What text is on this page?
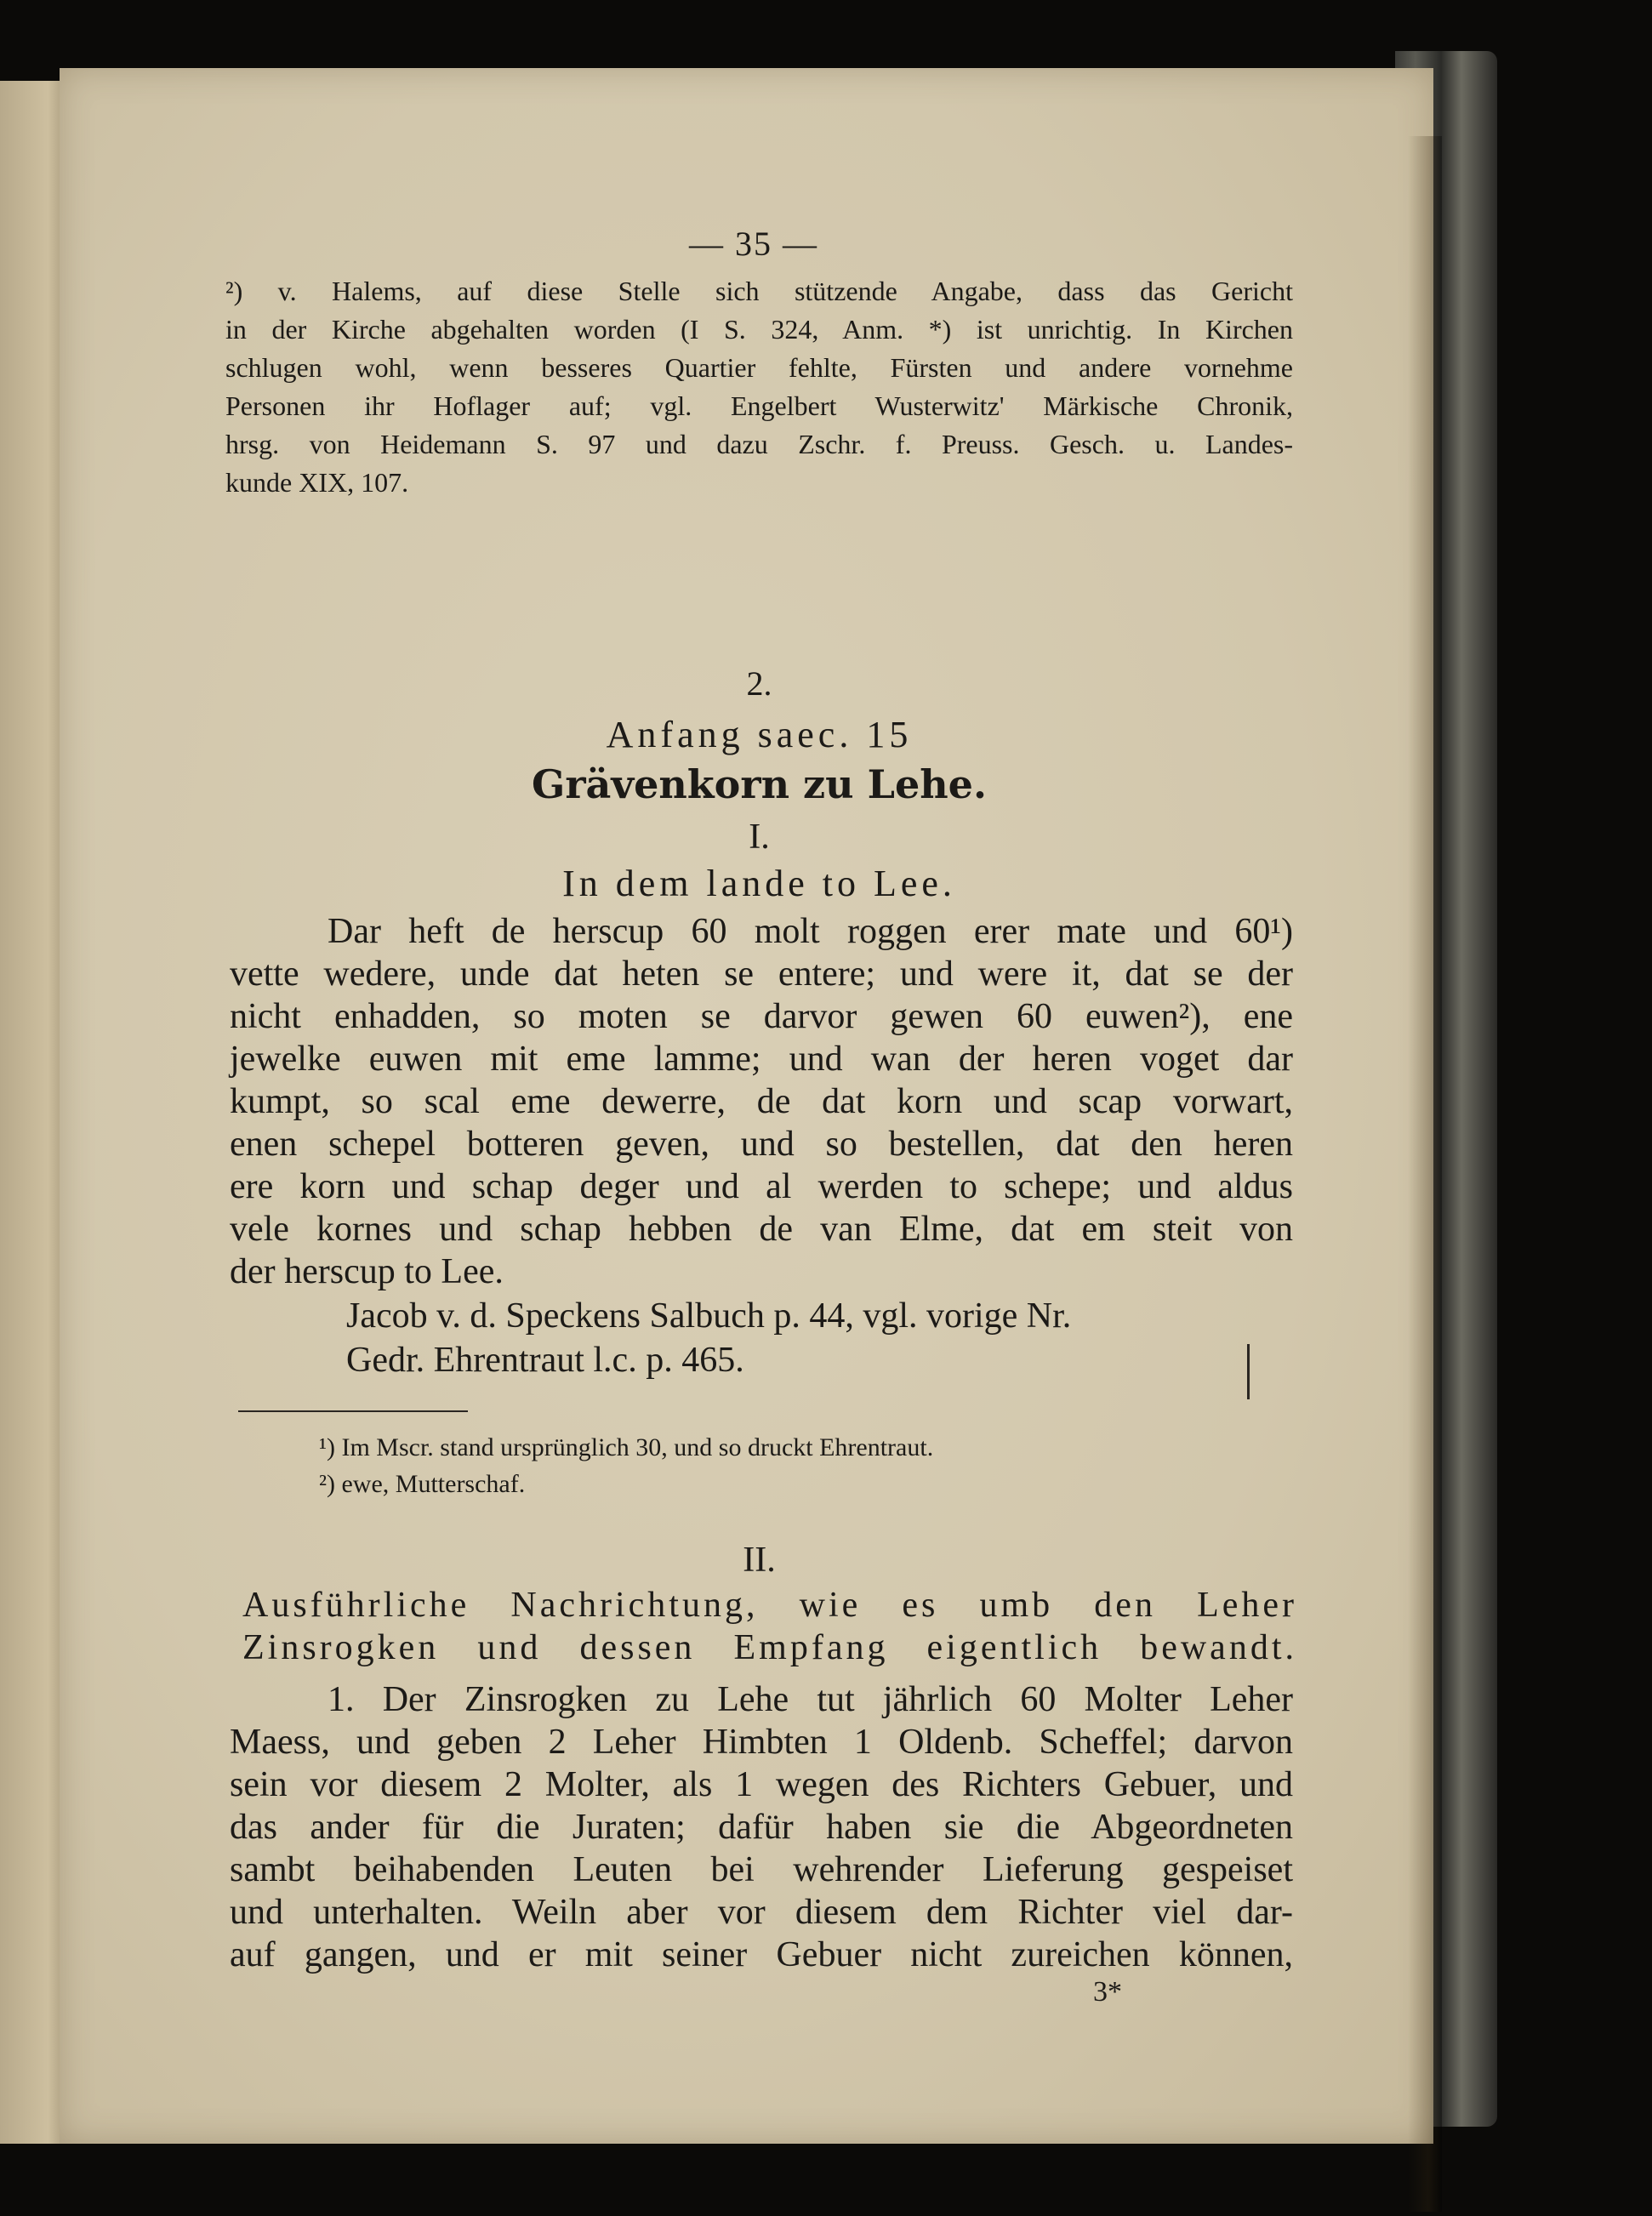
— 35 —
²) v. Halems, auf diese Stelle sich stützende Angabe, dass das Gericht
in der Kirche abgehalten worden (I S. 324, Anm. *) ist unrichtig. In Kirchen
schlugen wohl, wenn besseres Quartier fehlte, Fürsten und andere vornehme
Personen ihr Hoflager auf; vgl. Engelbert Wusterwitz' Märkische Chronik,
hrsg. von Heidemann S. 97 und dazu Zschr. f. Preuss. Gesch. u. Landes-
kunde XIX, 107.
2.
Anfang saec. 15
Grävenkorn zu Lehe.
I.
In dem lande to Lee.
Dar heft de herscup 60 molt roggen erer mate und 60¹)
vette wedere, unde dat heten se entere; und were it, dat se der
nicht enhadden, so moten se darvor gewen 60 euwen²), ene
jewelke euwen mit eme lamme; und wan der heren voget dar
kumpt, so scal eme dewerre, de dat korn und scap vorwart,
enen schepel botteren geven, und so bestellen, dat den heren
ere korn und schap deger und al werden to schepe; und aldus
vele kornes und schap hebben de van Elme, dat em steit von
der herscup to Lee.
Jacob v. d. Speckens Salbuch p. 44, vgl. vorige Nr.
Gedr. Ehrentraut l.c. p. 465.
¹) Im Mscr. stand ursprünglich 30, und so druckt Ehrentraut.
²) ewe, Mutterschaf.
II.
Ausführliche Nachrichtung, wie es umb den Leher
Zinsrogken und dessen Empfang eigentlich bewandt.
1. Der Zinsrogken zu Lehe tut jährlich 60 Molter Leher
Maess, und geben 2 Leher Himbten 1 Oldenb. Scheffel; darvon
sein vor diesem 2 Molter, als 1 wegen des Richters Gebuer, und
das ander für die Juraten; dafür haben sie die Abgeordneten
sambt beihabenden Leuten bei wehrender Lieferung gespeiset
und unterhalten. Weiln aber vor diesem dem Richter viel dar-
auf gangen, und er mit seiner Gebuer nicht zureichen können,
3*
